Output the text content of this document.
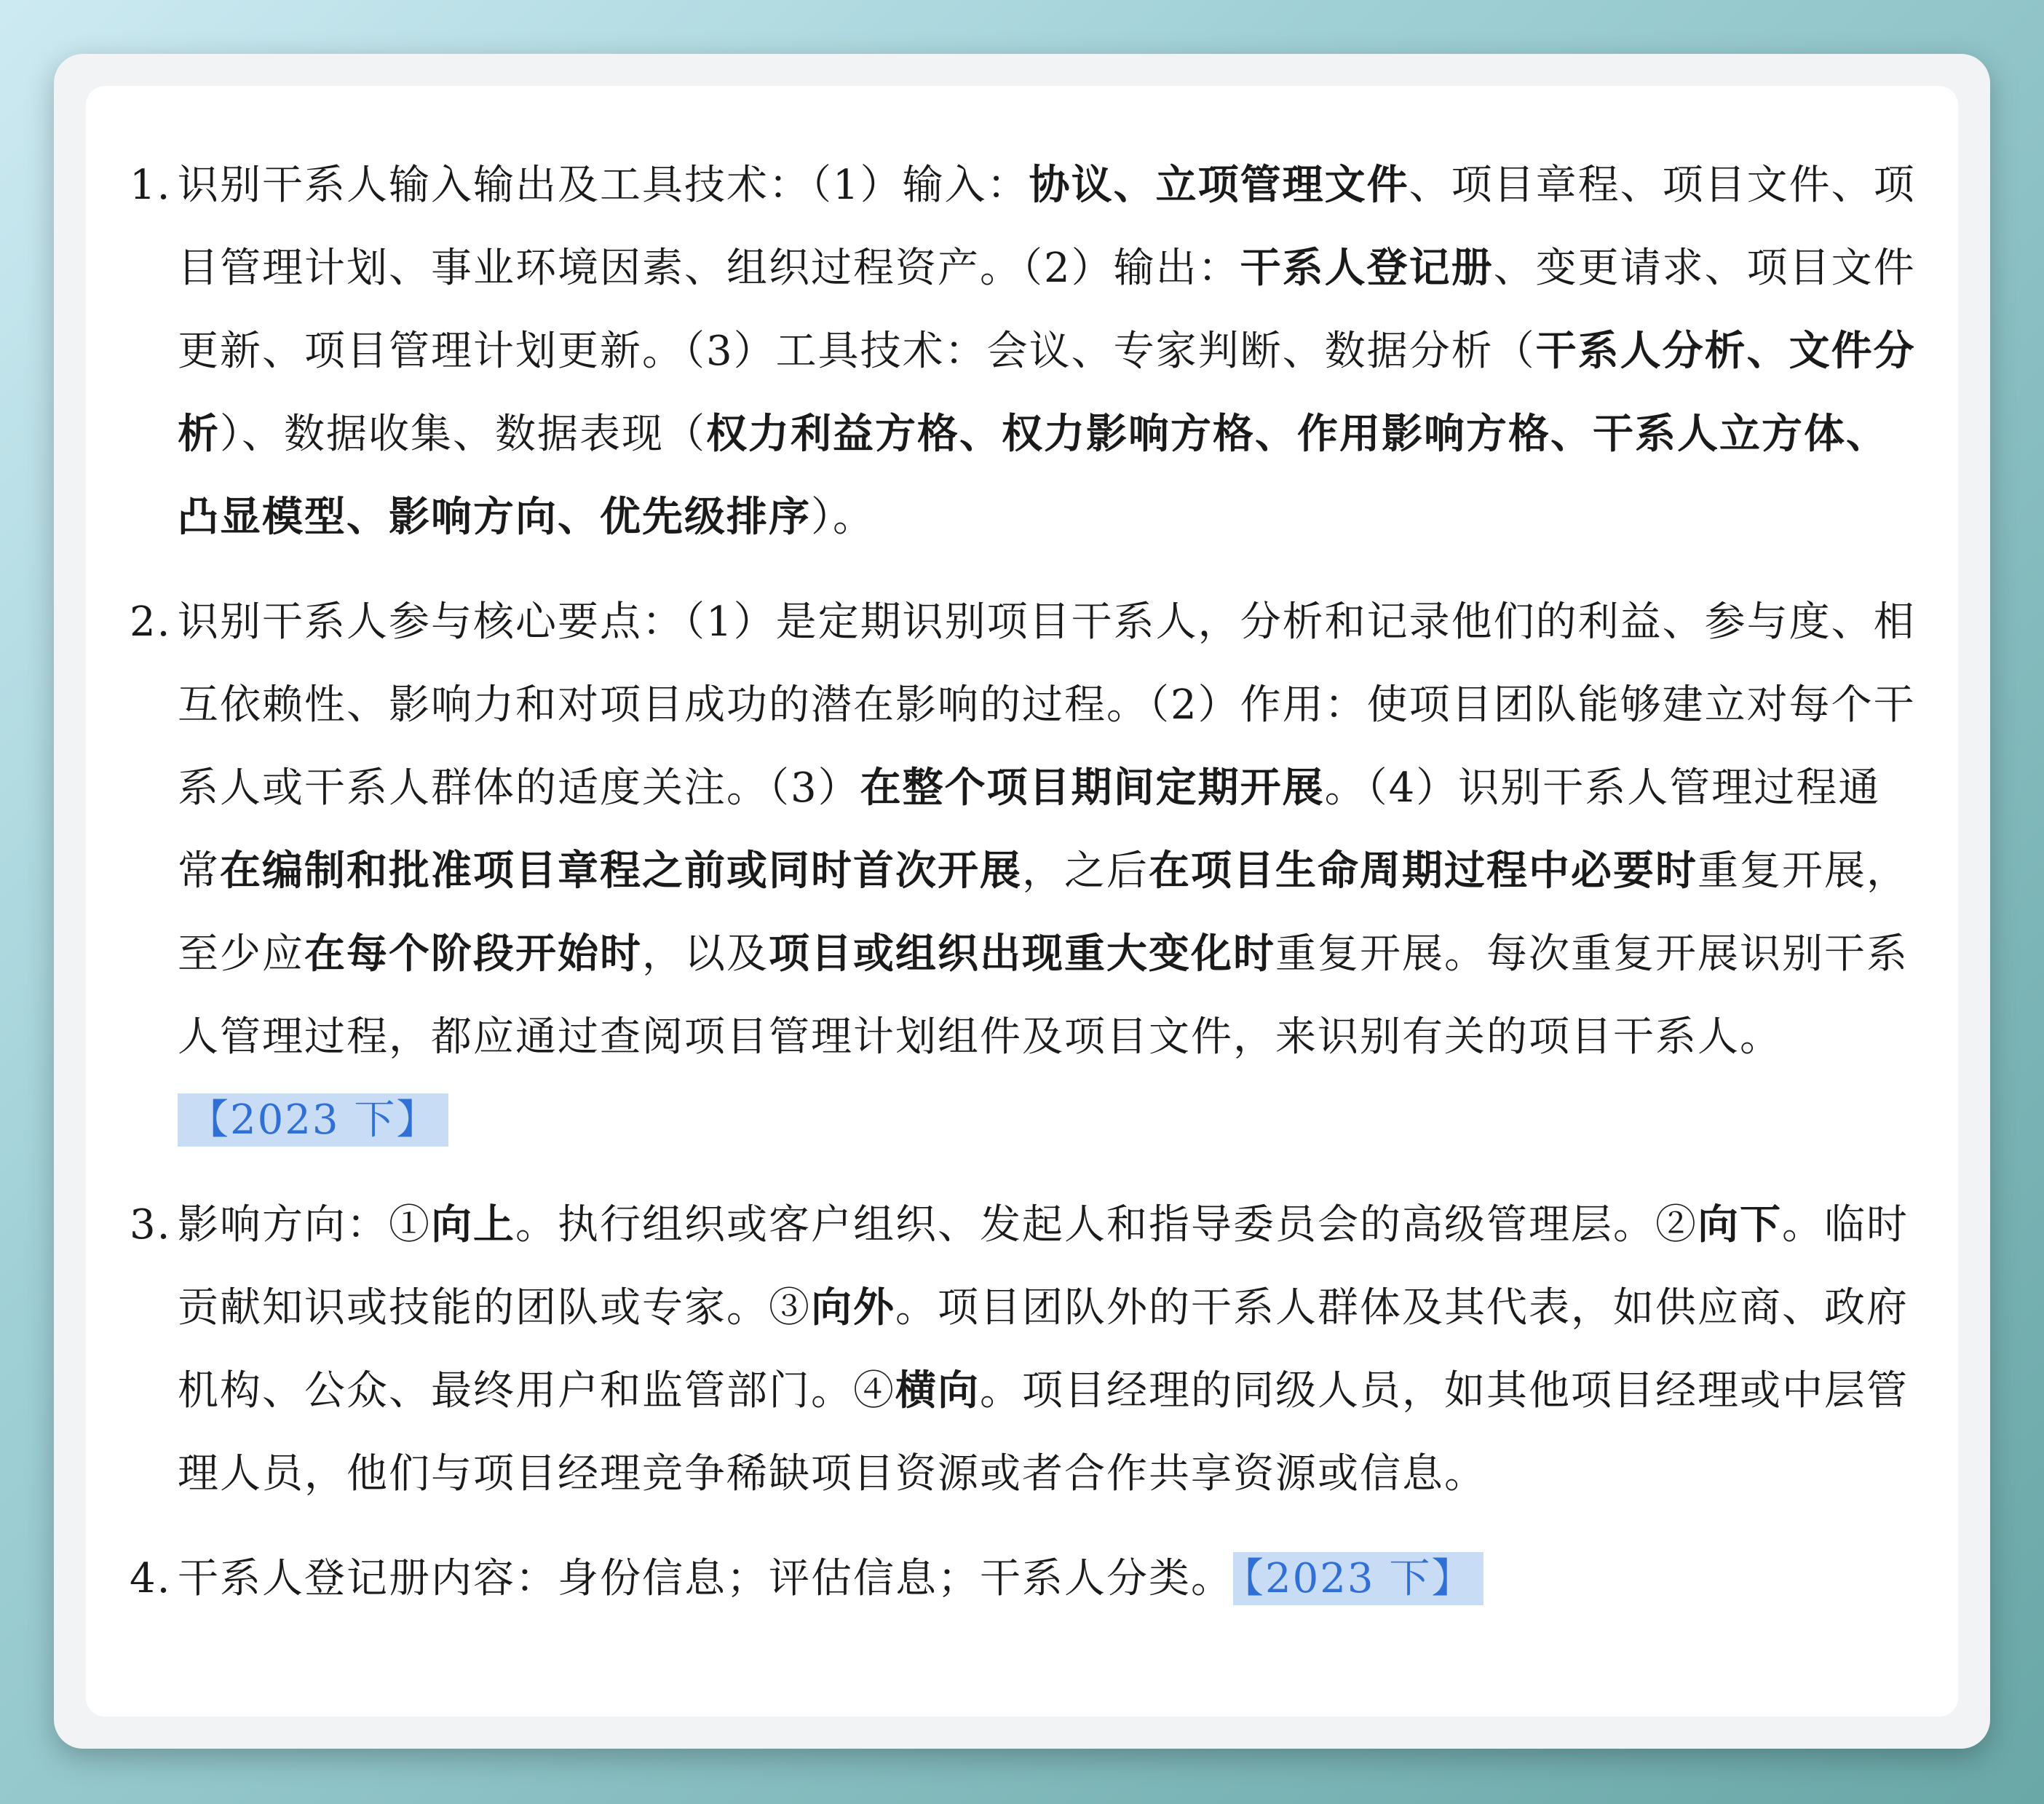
1. 识别干系人输入输出及工具技术：（1）输入：协议、立项管理文件、项目章程、项目文件、项目管理计划、事业环境因素、组织过程资产。（2）输出：干系人登记册、变更请求、项目文件更新、项目管理计划更新。（3）工具技术：会议、专家判断、数据分析（干系人分析、文件分析）、数据收集、数据表现（权力利益方格、权力影响方格、作用影响方格、干系人立方体、凸显模型、影响方向、优先级排序）。
2. 识别干系人参与核心要点：（1）是定期识别项目干系人，分析和记录他们的利益、参与度、相互依赖性、影响力和对项目成功的潜在影响的过程。（2）作用：使项目团队能够建立对每个干系人或干系人群体的适度关注。（3）在整个项目期间定期开展。（4）识别干系人管理过程通常在编制和批准项目章程之前或同时首次开展，之后在项目生命周期过程中必要时重复开展，至少应在每个阶段开始时，以及项目或组织出现重大变化时重复开展。每次重复开展识别干系人管理过程，都应通过查阅项目管理计划组件及项目文件，来识别有关的项目干系人。【2023 下】
3. 影响方向：①向上。执行组织或客户组织、发起人和指导委员会的高级管理层。②向下。临时贡献知识或技能的团队或专家。③向外。项目团队外的干系人群体及其代表，如供应商、政府机构、公众、最终用户和监管部门。④横向。项目经理的同级人员，如其他项目经理或中层管理人员，他们与项目经理竞争稀缺项目资源或者合作共享资源或信息。
4. 干系人登记册内容：身份信息；评估信息；干系人分类。 【2023 下】
